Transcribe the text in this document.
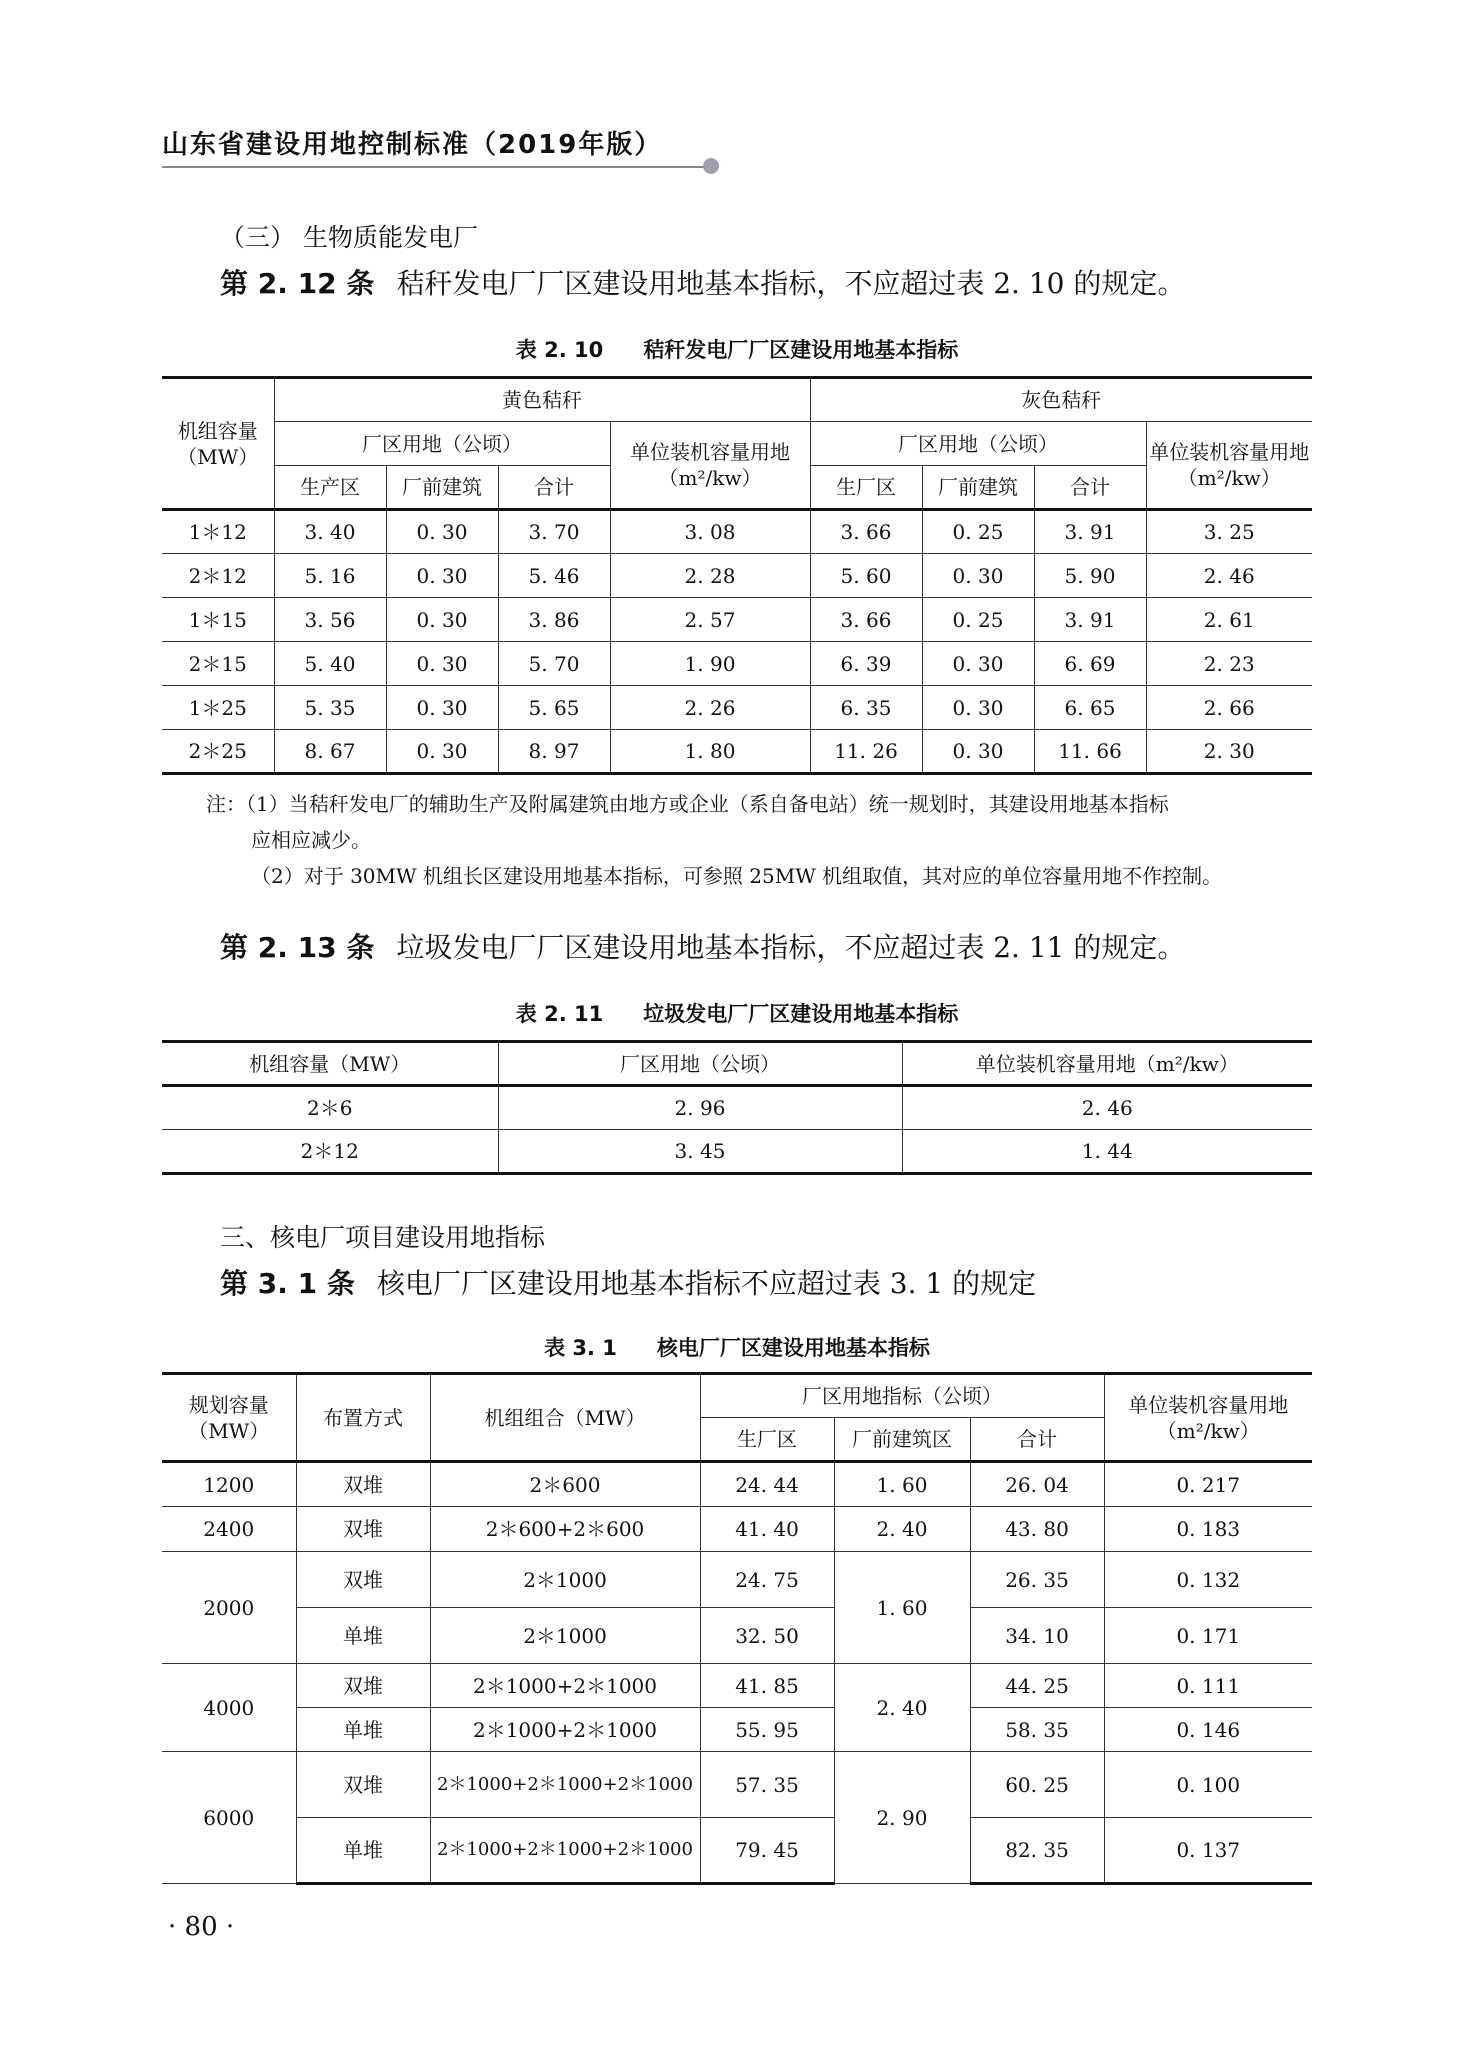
山东省建设用地控制标准（2019年版）
（三） 生物质能发电厂
第 2. 12 条 秸秆发电厂厂区建设用地基本指标，不应超过表 2. 10 的规定。
表 2. 10 秸秆发电厂厂区建设用地基本指标
机组容量（MW）	黄色秸秆				灰色秸秆			
	厂区用地（公顷）			单位装机容量用地（m²/kw）	厂区用地（公顷）			单位装机容量用地（m²/kw）
	生产区	厂前建筑	合计		生厂区	厂前建筑	合计	
1＊12	3. 40	0. 30	3. 70	3. 08	3. 66	0. 25	3. 91	3. 25
2＊12	5. 16	0. 30	5. 46	2. 28	5. 60	0. 30	5. 90	2. 46
1＊15	3. 56	0. 30	3. 86	2. 57	3. 66	0. 25	3. 91	2. 61
2＊15	5. 40	0. 30	5. 70	1. 90	6. 39	0. 30	6. 69	2. 23
1＊25	5. 35	0. 30	5. 65	2. 26	6. 35	0. 30	6. 65	2. 66
2＊25	8. 67	0. 30	8. 97	1. 80	11. 26	0. 30	11. 66	2. 30
注：（1）当秸秆发电厂的辅助生产及附属建筑由地方或企业（系自备电站）统一规划时，其建设用地基本指标
应相应减少。
（2）对于 30MW 机组长区建设用地基本指标，可参照 25MW 机组取值，其对应的单位容量用地不作控制。
第 2. 13 条 垃圾发电厂厂区建设用地基本指标，不应超过表 2. 11 的规定。
表 2. 11 垃圾发电厂厂区建设用地基本指标
机组容量（MW）	厂区用地（公顷）	单位装机容量用地（m²/kw）
2＊6	2. 96	2. 46
2＊12	3. 45	1. 44
三、核电厂项目建设用地指标
第 3. 1 条 核电厂厂区建设用地基本指标不应超过表 3. 1 的规定
表 3. 1 核电厂厂区建设用地基本指标
规划容量（MW）	布置方式	机组组合（MW）	厂区用地指标（公顷）			单位装机容量用地（m²/kw）
			生厂区	厂前建筑区	合计	
1200	双堆	2＊600	24. 44	1. 60	26. 04	0. 217
2400	双堆	2＊600+2＊600	41. 40	2. 40	43. 80	0. 183
2000	双堆	2＊1000	24. 75	1. 60	26. 35	0. 132
	单堆	2＊1000	32. 50		34. 10	0. 171
4000	双堆	2＊1000+2＊1000	41. 85	2. 40	44. 25	0. 111
	单堆	2＊1000+2＊1000	55. 95		58. 35	0. 146
6000	双堆	2＊1000+2＊1000+2＊1000	57. 35	2. 90	60. 25	0. 100
	单堆	2＊1000+2＊1000+2＊1000	79. 45		82. 35	0. 137
· 80 ·
